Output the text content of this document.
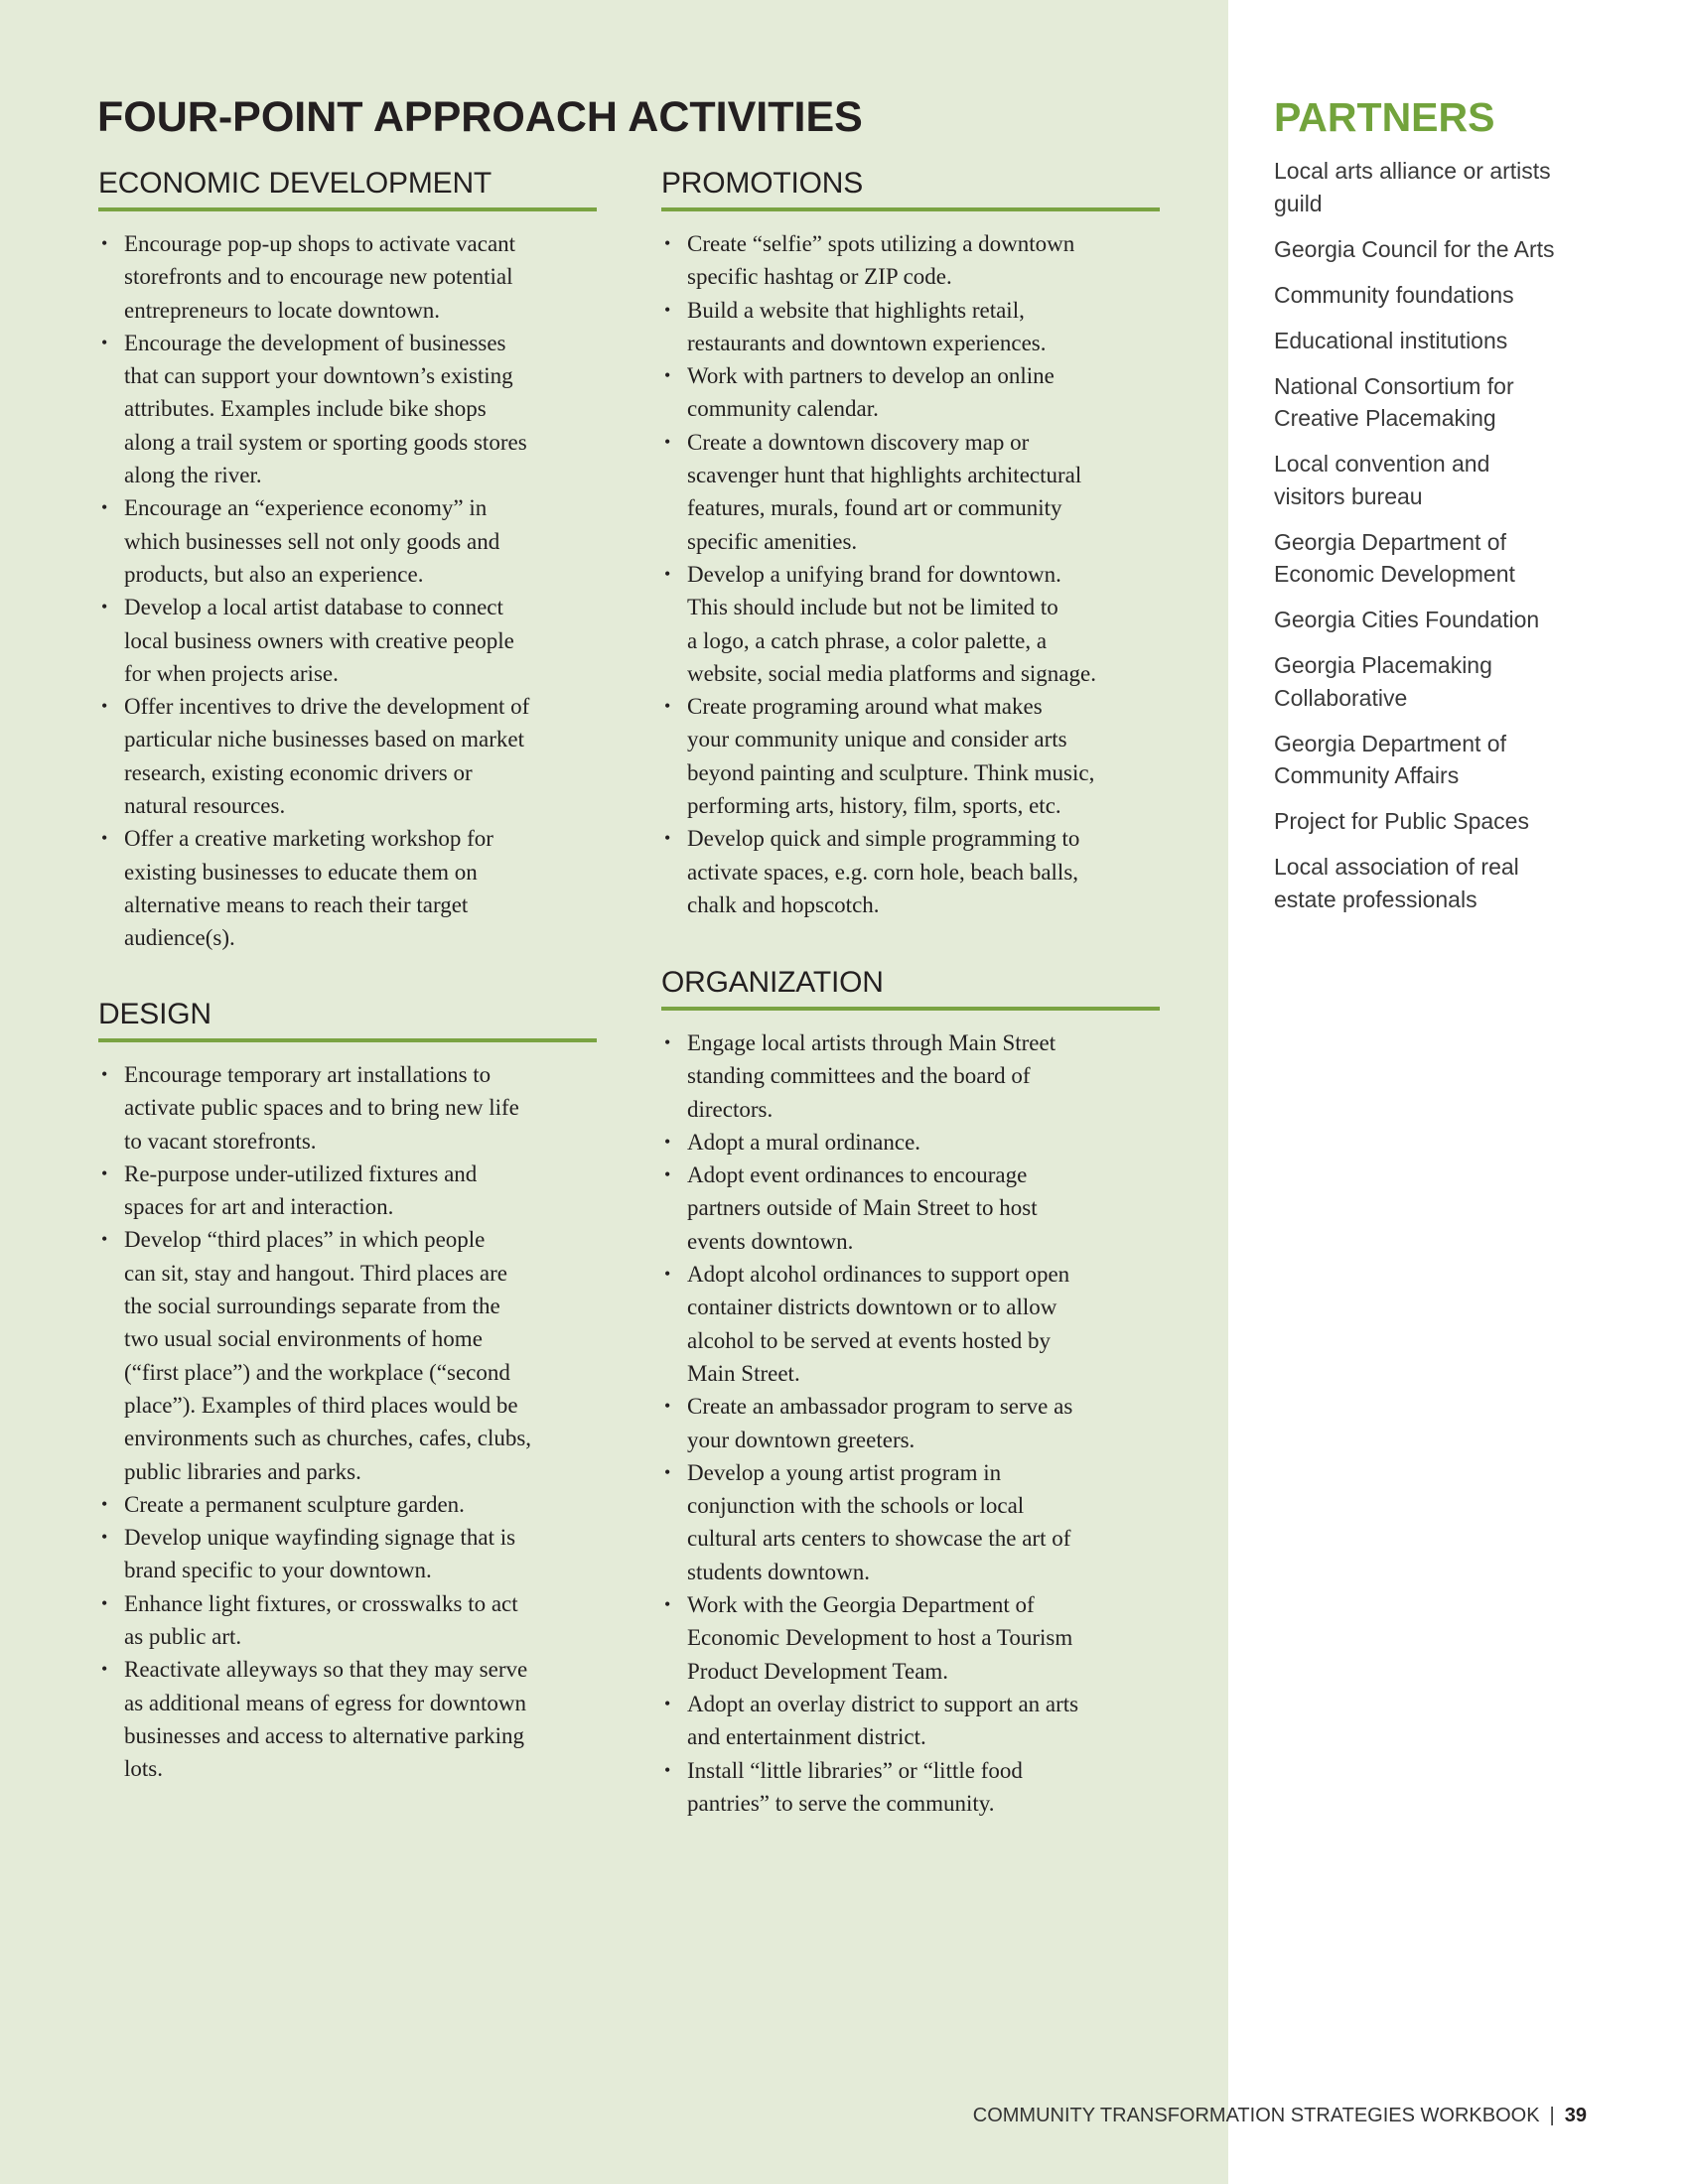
FOUR-POINT APPROACH ACTIVITIES
ECONOMIC DEVELOPMENT
• Encourage pop-up shops to activate vacant
storefronts and to encourage new potential
entrepreneurs to locate downtown.
• Encourage the development of businesses
that can support your downtown’s existing
attributes. Examples include bike shops
along a trail system or sporting goods stores
along the river.
• Encourage an “experience economy” in
which businesses sell not only goods and
products, but also an experience.
• Develop a local artist database to connect
local business owners with creative people
for when projects arise.
• Offer incentives to drive the development of
particular niche businesses based on market
research, existing economic drivers or
natural resources.
• Offer a creative marketing workshop for
existing businesses to educate them on
alternative means to reach their target
audience(s).
PROMOTIONS
• Create “selfie” spots utilizing a downtown
specific hashtag or ZIP code.
• Build a website that highlights retail,
restaurants and downtown experiences.
• Work with partners to develop an online
community calendar.
• Create a downtown discovery map or
scavenger hunt that highlights architectural
features, murals, found art or community
specific amenities.
• Develop a unifying brand for downtown.
This should include but not be limited to
a logo, a catch phrase, a color palette, a
website, social media platforms and signage.
• Create programing around what makes
your community unique and consider arts
beyond painting and sculpture. Think music,
performing arts, history, film, sports, etc.
• Develop quick and simple programming to
activate spaces, e.g. corn hole, beach balls,
chalk and hopscotch.
DESIGN
• Encourage temporary art installations to
activate public spaces and to bring new life
to vacant storefronts.
• Re-purpose under-utilized fixtures and
spaces for art and interaction.
• Develop “third places” in which people
can sit, stay and hangout. Third places are
the social surroundings separate from the
two usual social environments of home
(“first place”) and the workplace (“second
place”). Examples of third places would be
environments such as churches, cafes, clubs,
public libraries and parks.
• Create a permanent sculpture garden.
• Develop unique wayfinding signage that is
brand specific to your downtown.
• Enhance light fixtures, or crosswalks to act
as public art.
• Reactivate alleyways so that they may serve
as additional means of egress for downtown
businesses and access to alternative parking
lots.
ORGANIZATION
• Engage local artists through Main Street
standing committees and the board of
directors.
• Adopt a mural ordinance.
• Adopt event ordinances to encourage
partners outside of Main Street to host
events downtown.
• Adopt alcohol ordinances to support open
container districts downtown or to allow
alcohol to be served at events hosted by
Main Street.
• Create an ambassador program to serve as
your downtown greeters.
• Develop a young artist program in
conjunction with the schools or local
cultural arts centers to showcase the art of
students downtown.
• Work with the Georgia Department of
Economic Development to host a Tourism
Product Development Team.
• Adopt an overlay district to support an arts
and entertainment district.
• Install “little libraries” or “little food
pantries” to serve the community.
PARTNERS
Local arts alliance or artists
guild
Georgia Council for the Arts
Community foundations
Educational institutions
National Consortium for
Creative Placemaking
Local convention and
visitors bureau
Georgia Department of
Economic Development
Georgia Cities Foundation
Georgia Placemaking
Collaborative
Georgia Department of
Community Affairs
Project for Public Spaces
Local association of real
estate professionals
COMMUNITY TRANSFORMATION STRATEGIES WORKBOOK | 39
